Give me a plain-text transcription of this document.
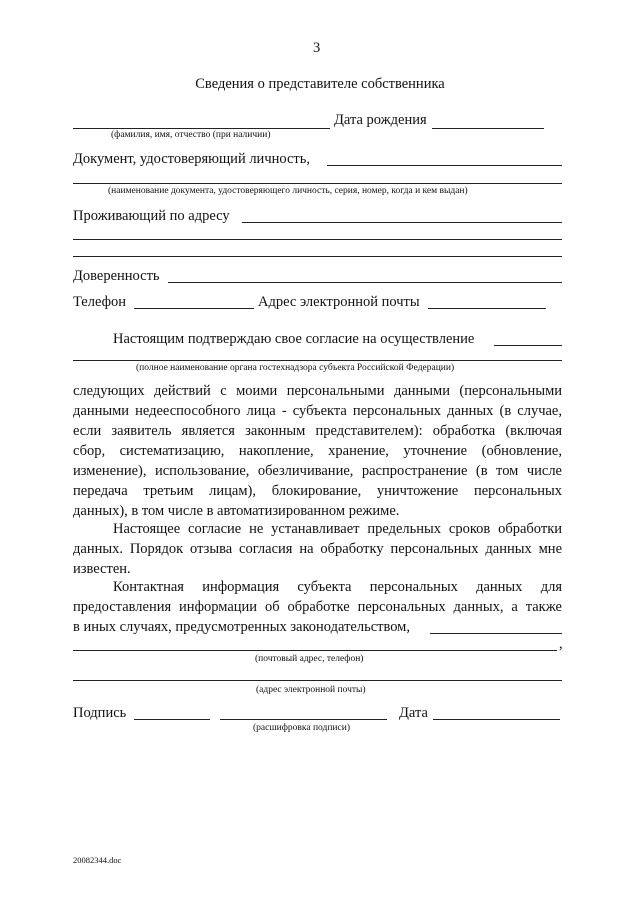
3
Сведения о представителе собственника
Дата рождения
(фамилия, имя, отчество (при наличии)
Документ, удостоверяющий личность,
(наименование документа, удостоверяющего личность, серия, номер, когда и кем выдан)
Проживающий по адресу
Доверенность
Телефон	Адрес электронной почты
Настоящим подтверждаю свое согласие на осуществление
(полное наименование органа гостехнадзора субъекта Российской Федерации)
следующих действий с моими персональными данными (персональными
данными недееспособного лица - субъекта персональных данных (в случае,
если заявитель является законным представителем): обработка (включая
сбор, систематизацию, накопление, хранение, уточнение (обновление,
изменение), использование, обезличивание, распространение (в том числе
передача третьим лицам), блокирование, уничтожение персональных
данных), в том числе в автоматизированном режиме.
Настоящее согласие не устанавливает предельных сроков обработки
данных. Порядок отзыва согласия на обработку персональных данных мне
известен.
Контактная информация субъекта персональных данных для
предоставления информации об обработке персональных данных, а также
в иных случаях, предусмотренных законодательством,
,
(почтовый адрес, телефон)
(адрес электронной почты)
Подпись	Дата
(расшифровка подписи)
20082344.doc
